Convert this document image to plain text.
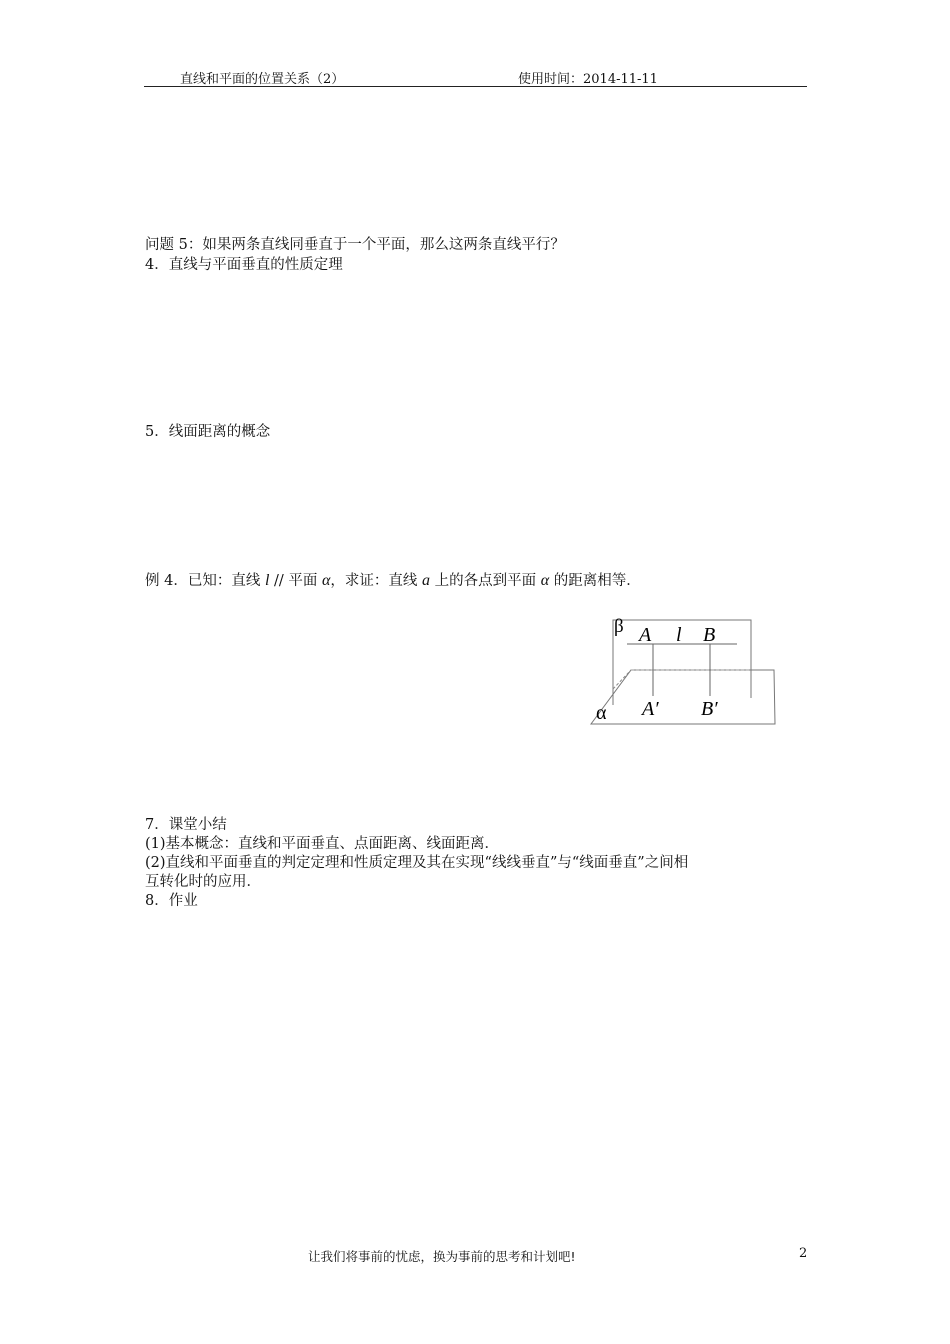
直线和平面的位置关系（2）	使用时间：2014-11-11
问题 5：如果两条直线同垂直于一个平面，那么这两条直线平行？
4．直线与平面垂直的性质定理
5．线面距离的概念
例 4．已知：直线 l // 平面 α，求证：直线 a 上的各点到平面 α 的距离相等．
β A l B
α A′ B′
7．课堂小结
(1)基本概念：直线和平面垂直、点面距离、线面距离．
(2)直线和平面垂直的判定定理和性质定理及其在实现“线线垂直”与“线面垂直”之间相
互转化时的应用．
8．作业
让我们将事前的忧虑，换为事前的思考和计划吧!	2
